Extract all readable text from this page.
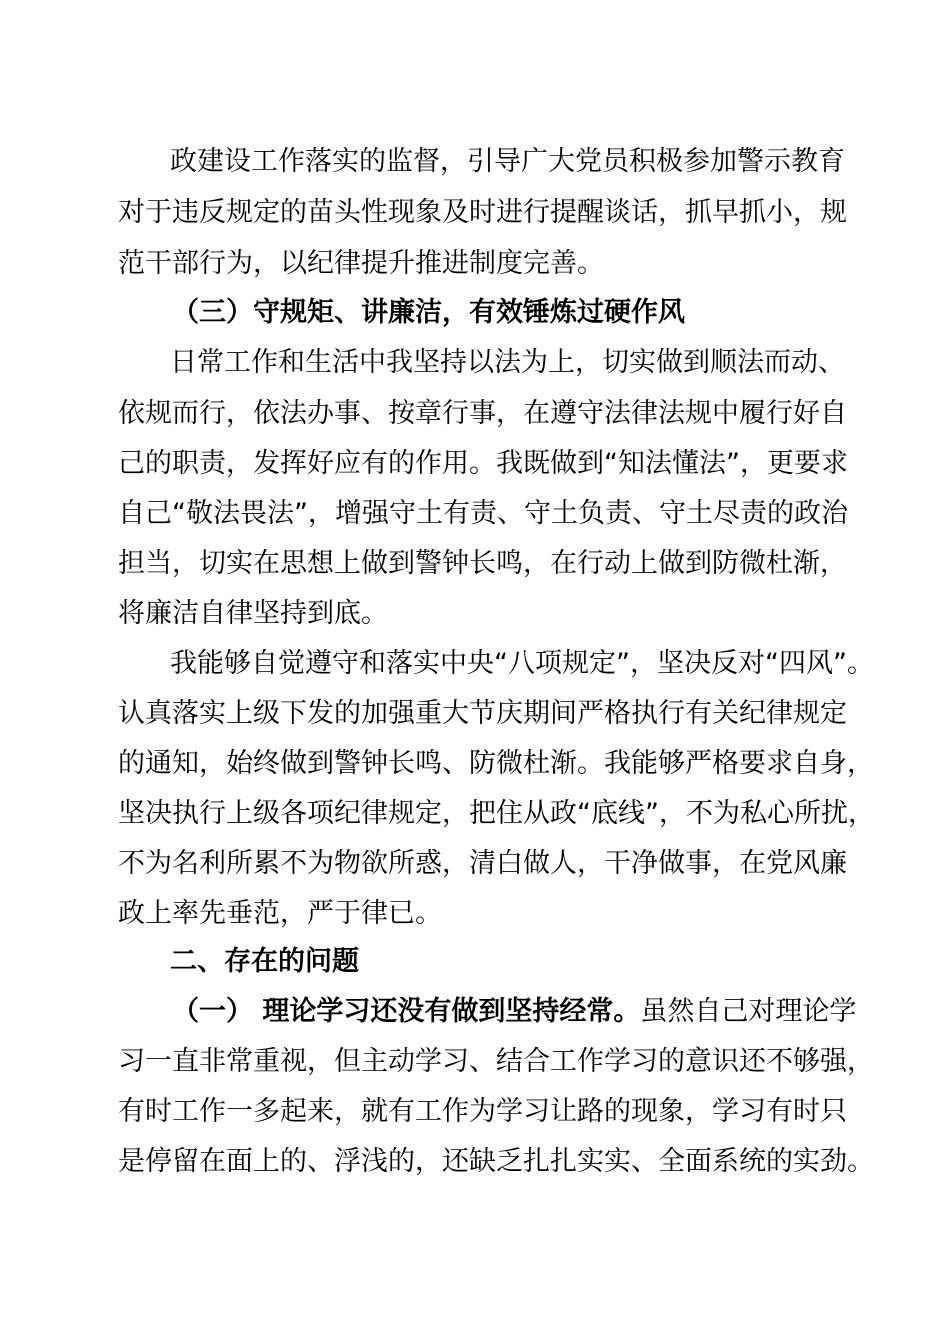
政建设工作落实的监督，引导广大党员积极参加警示教育
对于违反规定的苗头性现象及时进行提醒谈话，抓早抓小，规
范干部行为，以纪律提升推进制度完善。
（三）守规矩、讲廉洁，有效锤炼过硬作风
日常工作和生活中我坚持以法为上，切实做到顺法而动、
依规而行，依法办事、按章行事，在遵守法律法规中履行好自
己的职责，发挥好应有的作用。我既做到“知法懂法”，更要求
自己“敬法畏法”，增强守土有责、守土负责、守土尽责的政治
担当，切实在思想上做到警钟长鸣，在行动上做到防微杜渐，
将廉洁自律坚持到底。
我能够自觉遵守和落实中央“八项规定”，坚决反对“四风”。
认真落实上级下发的加强重大节庆期间严格执行有关纪律规定
的通知，始终做到警钟长鸣、防微杜渐。我能够严格要求自身，
坚决执行上级各项纪律规定，把住从政“底线”，不为私心所扰，
不为名利所累不为物欲所惑，清白做人，干净做事，在党风廉
政上率先垂范，严于律已。
二、存在的问题
（一） 理论学习还没有做到坚持经常。虽然自己对理论学
习一直非常重视，但主动学习、结合工作学习的意识还不够强，
有时工作一多起来，就有工作为学习让路的现象，学习有时只
是停留在面上的、浮浅的，还缺乏扎扎实实、全面系统的实劲。
